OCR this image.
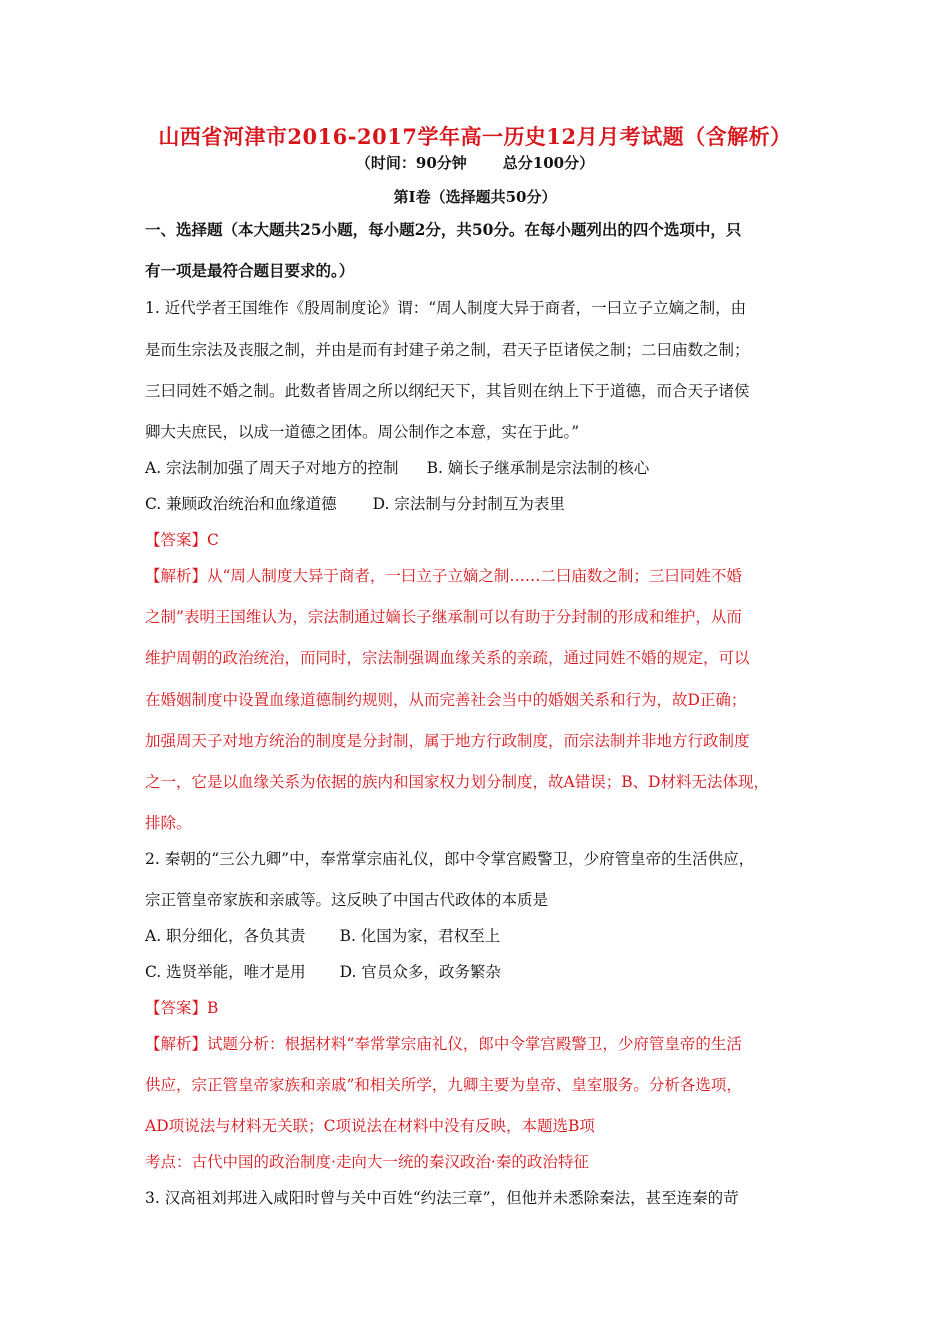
山西省河津市2016-2017学年高一历史12月月考试题（含解析）
（时间：90分钟 总分100分）
第Ⅰ卷（选择题共50分）
一、选择题（本大题共25小题，每小题2分，共50分。在每小题列出的四个选项中，只
有一项是最符合题目要求的。）
1. 近代学者王国维作《殷周制度论》谓：“周人制度大异于商者，一曰立子立嫡之制，由
是而生宗法及丧服之制，并由是而有封建子弟之制，君天子臣诸侯之制；二曰庙数之制；
三曰同姓不婚之制。此数者皆周之所以纲纪天下，其旨则在纳上下于道德，而合天子诸侯
卿大夫庶民，以成一道德之团体。周公制作之本意，实在于此。”
A. 宗法制加强了周天子对地方的控制 B. 嫡长子继承制是宗法制的核心
C. 兼顾政治统治和血缘道德 D. 宗法制与分封制互为表里
【答案】C
【解析】从“周人制度大异于商者，一曰立子立嫡之制……二曰庙数之制；三曰同姓不婚
之制”表明王国维认为，宗法制通过嫡长子继承制可以有助于分封制的形成和维护，从而
维护周朝的政治统治，而同时，宗法制强调血缘关系的亲疏，通过同姓不婚的规定，可以
在婚姻制度中设置血缘道德制约规则，从而完善社会当中的婚姻关系和行为，故D正确；
加强周天子对地方统治的制度是分封制，属于地方行政制度，而宗法制并非地方行政制度
之一，它是以血缘关系为依据的族内和国家权力划分制度，故A错误；B、D材料无法体现，
排除。
2. 秦朝的“三公九卿”中，奉常掌宗庙礼仪，郎中令掌宫殿警卫，少府管皇帝的生活供应，
宗正管皇帝家族和亲戚等。这反映了中国古代政体的本质是
A. 职分细化，各负其责 B. 化国为家，君权至上
C. 选贤举能，唯才是用 D. 官员众多，政务繁杂
【答案】B
【解析】试题分析：根据材料“奉常掌宗庙礼仪，郎中令掌宫殿警卫，少府管皇帝的生活
供应，宗正管皇帝家族和亲戚”和相关所学，九卿主要为皇帝、皇室服务。分析各选项，
AD项说法与材料无关联；C项说法在材料中没有反映，本题选B项
考点：古代中国的政治制度·走向大一统的秦汉政治·秦的政治特征
3. 汉高祖刘邦进入咸阳时曾与关中百姓“约法三章”，但他并未悉除秦法，甚至连秦的苛
